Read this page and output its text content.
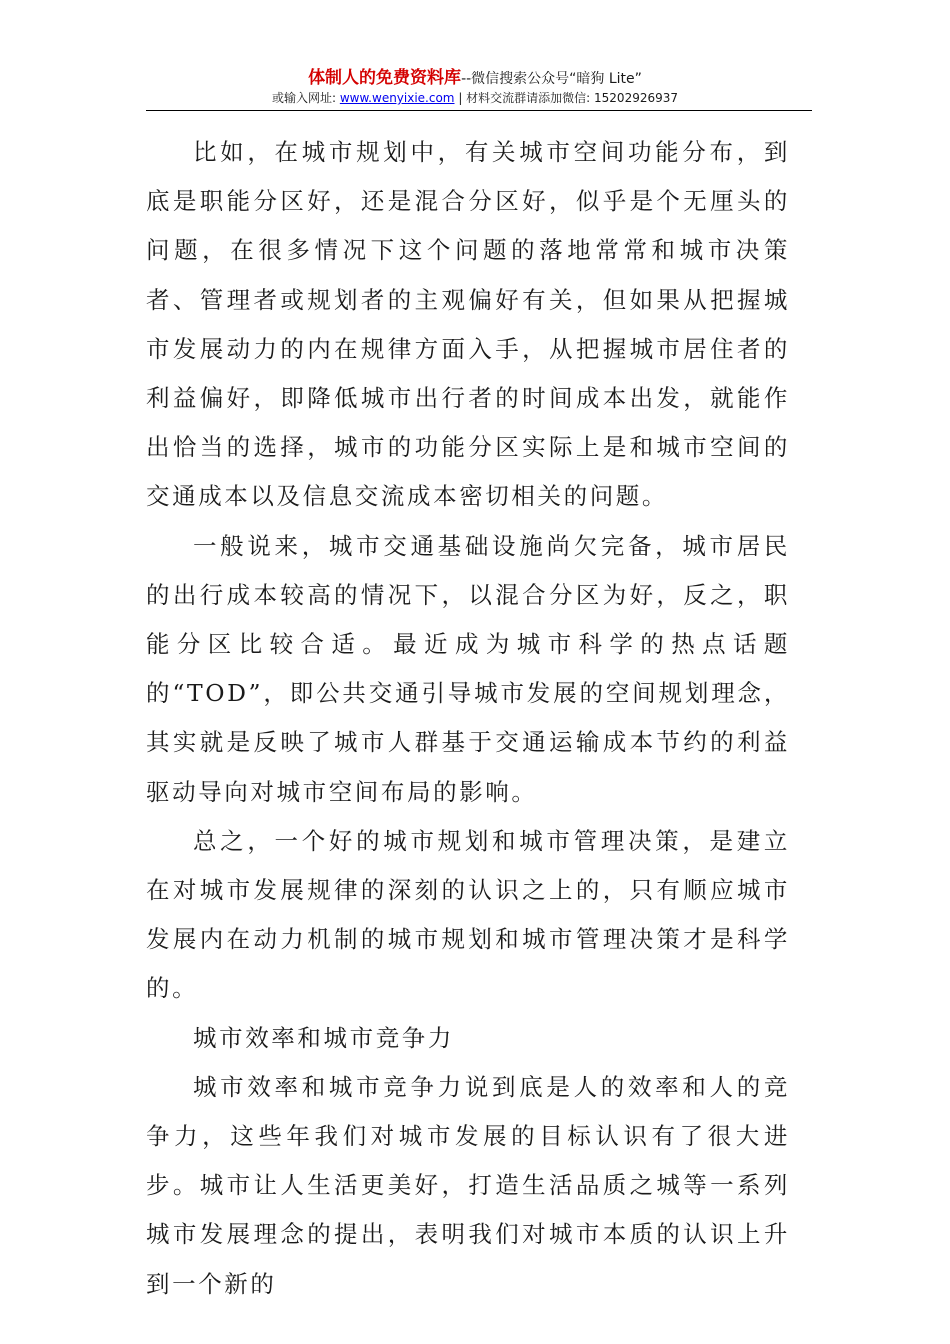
体制人的免费资料库--微信搜索公众号“暗狗 Lite”
或输入网址: www.wenyixie.com | 材料交流群请添加微信: 15202926937

比如，在城市规划中，有关城市空间功能分布，到底是职能分区好，还是混合分区好，似乎是个无厘头的问题，在很多情况下这个问题的落地常常和城市决策者、管理者或规划者的主观偏好有关，但如果从把握城市发展动力的内在规律方面入手，从把握城市居住者的利益偏好，即降低城市出行者的时间成本出发，就能作出恰当的选择，城市的功能分区实际上是和城市空间的交通成本以及信息交流成本密切相关的问题。

一般说来，城市交通基础设施尚欠完备，城市居民的出行成本较高的情况下，以混合分区为好，反之，职能分区比较合适。最近成为城市科学的热点话题的“TOD”，即公共交通引导城市发展的空间规划理念，其实就是反映了城市人群基于交通运输成本节约的利益驱动导向对城市空间布局的影响。

总之，一个好的城市规划和城市管理决策，是建立在对城市发展规律的深刻的认识之上的，只有顺应城市发展内在动力机制的城市规划和城市管理决策才是科学的。

城市效率和城市竞争力

城市效率和城市竞争力说到底是人的效率和人的竞争力，这些年我们对城市发展的目标认识有了很大进步。城市让人生活更美好，打造生活品质之城等一系列城市发展理念的提出，表明我们对城市本质的认识上升到一个新的
